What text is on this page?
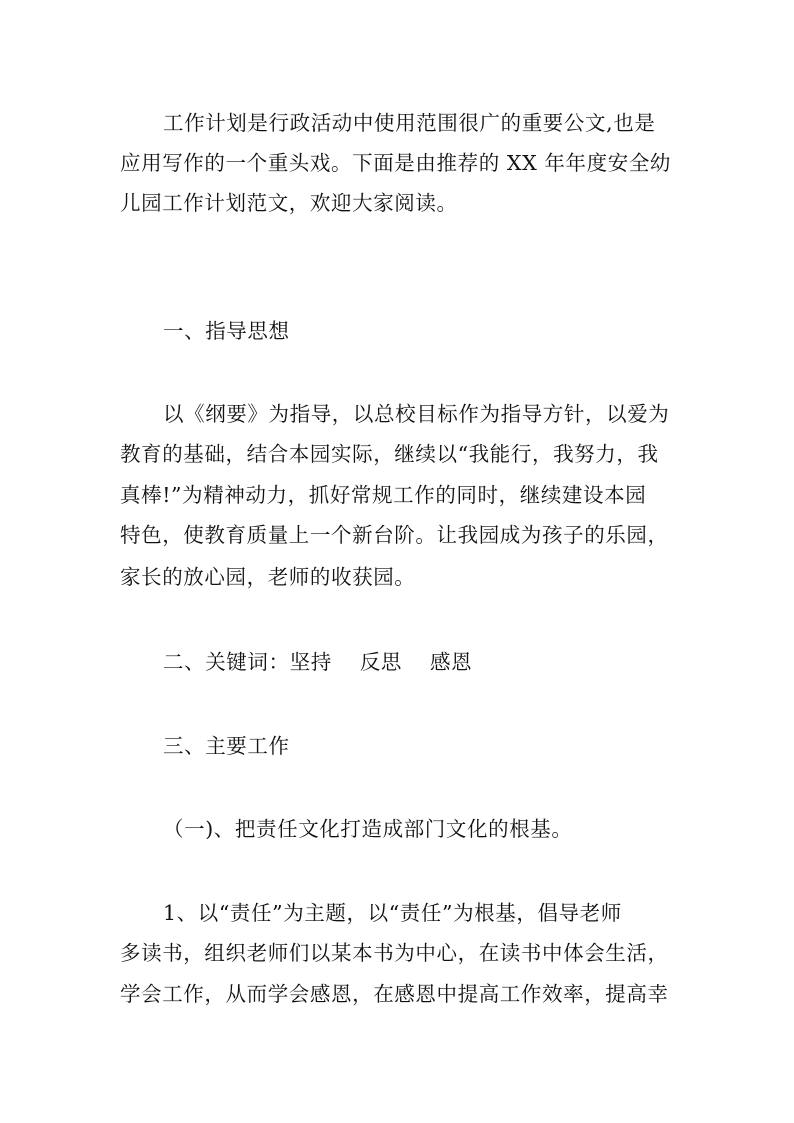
工作计划是行政活动中使用范围很广的重要公文,也是

应用写作的一个重头戏。下面是由推荐的 XX 年年度安全幼

儿园工作计划范文，欢迎大家阅读。

一、指导思想

以《纲要》为指导，以总校目标作为指导方针，以爱为

教育的基础，结合本园实际，继续以“我能行，我努力，我

真棒!”为精神动力，抓好常规工作的同时，继续建设本园

特色，使教育质量上一个新台阶。让我园成为孩子的乐园，

家长的放心园，老师的收获园。

二、关键词：坚持 反思 感恩

三、主要工作

（一)、把责任文化打造成部门文化的根基。

1、以“责任”为主题，以“责任”为根基，倡导老师

多读书，组织老师们以某本书为中心，在读书中体会生活，

学会工作，从而学会感恩，在感恩中提高工作效率，提高幸
